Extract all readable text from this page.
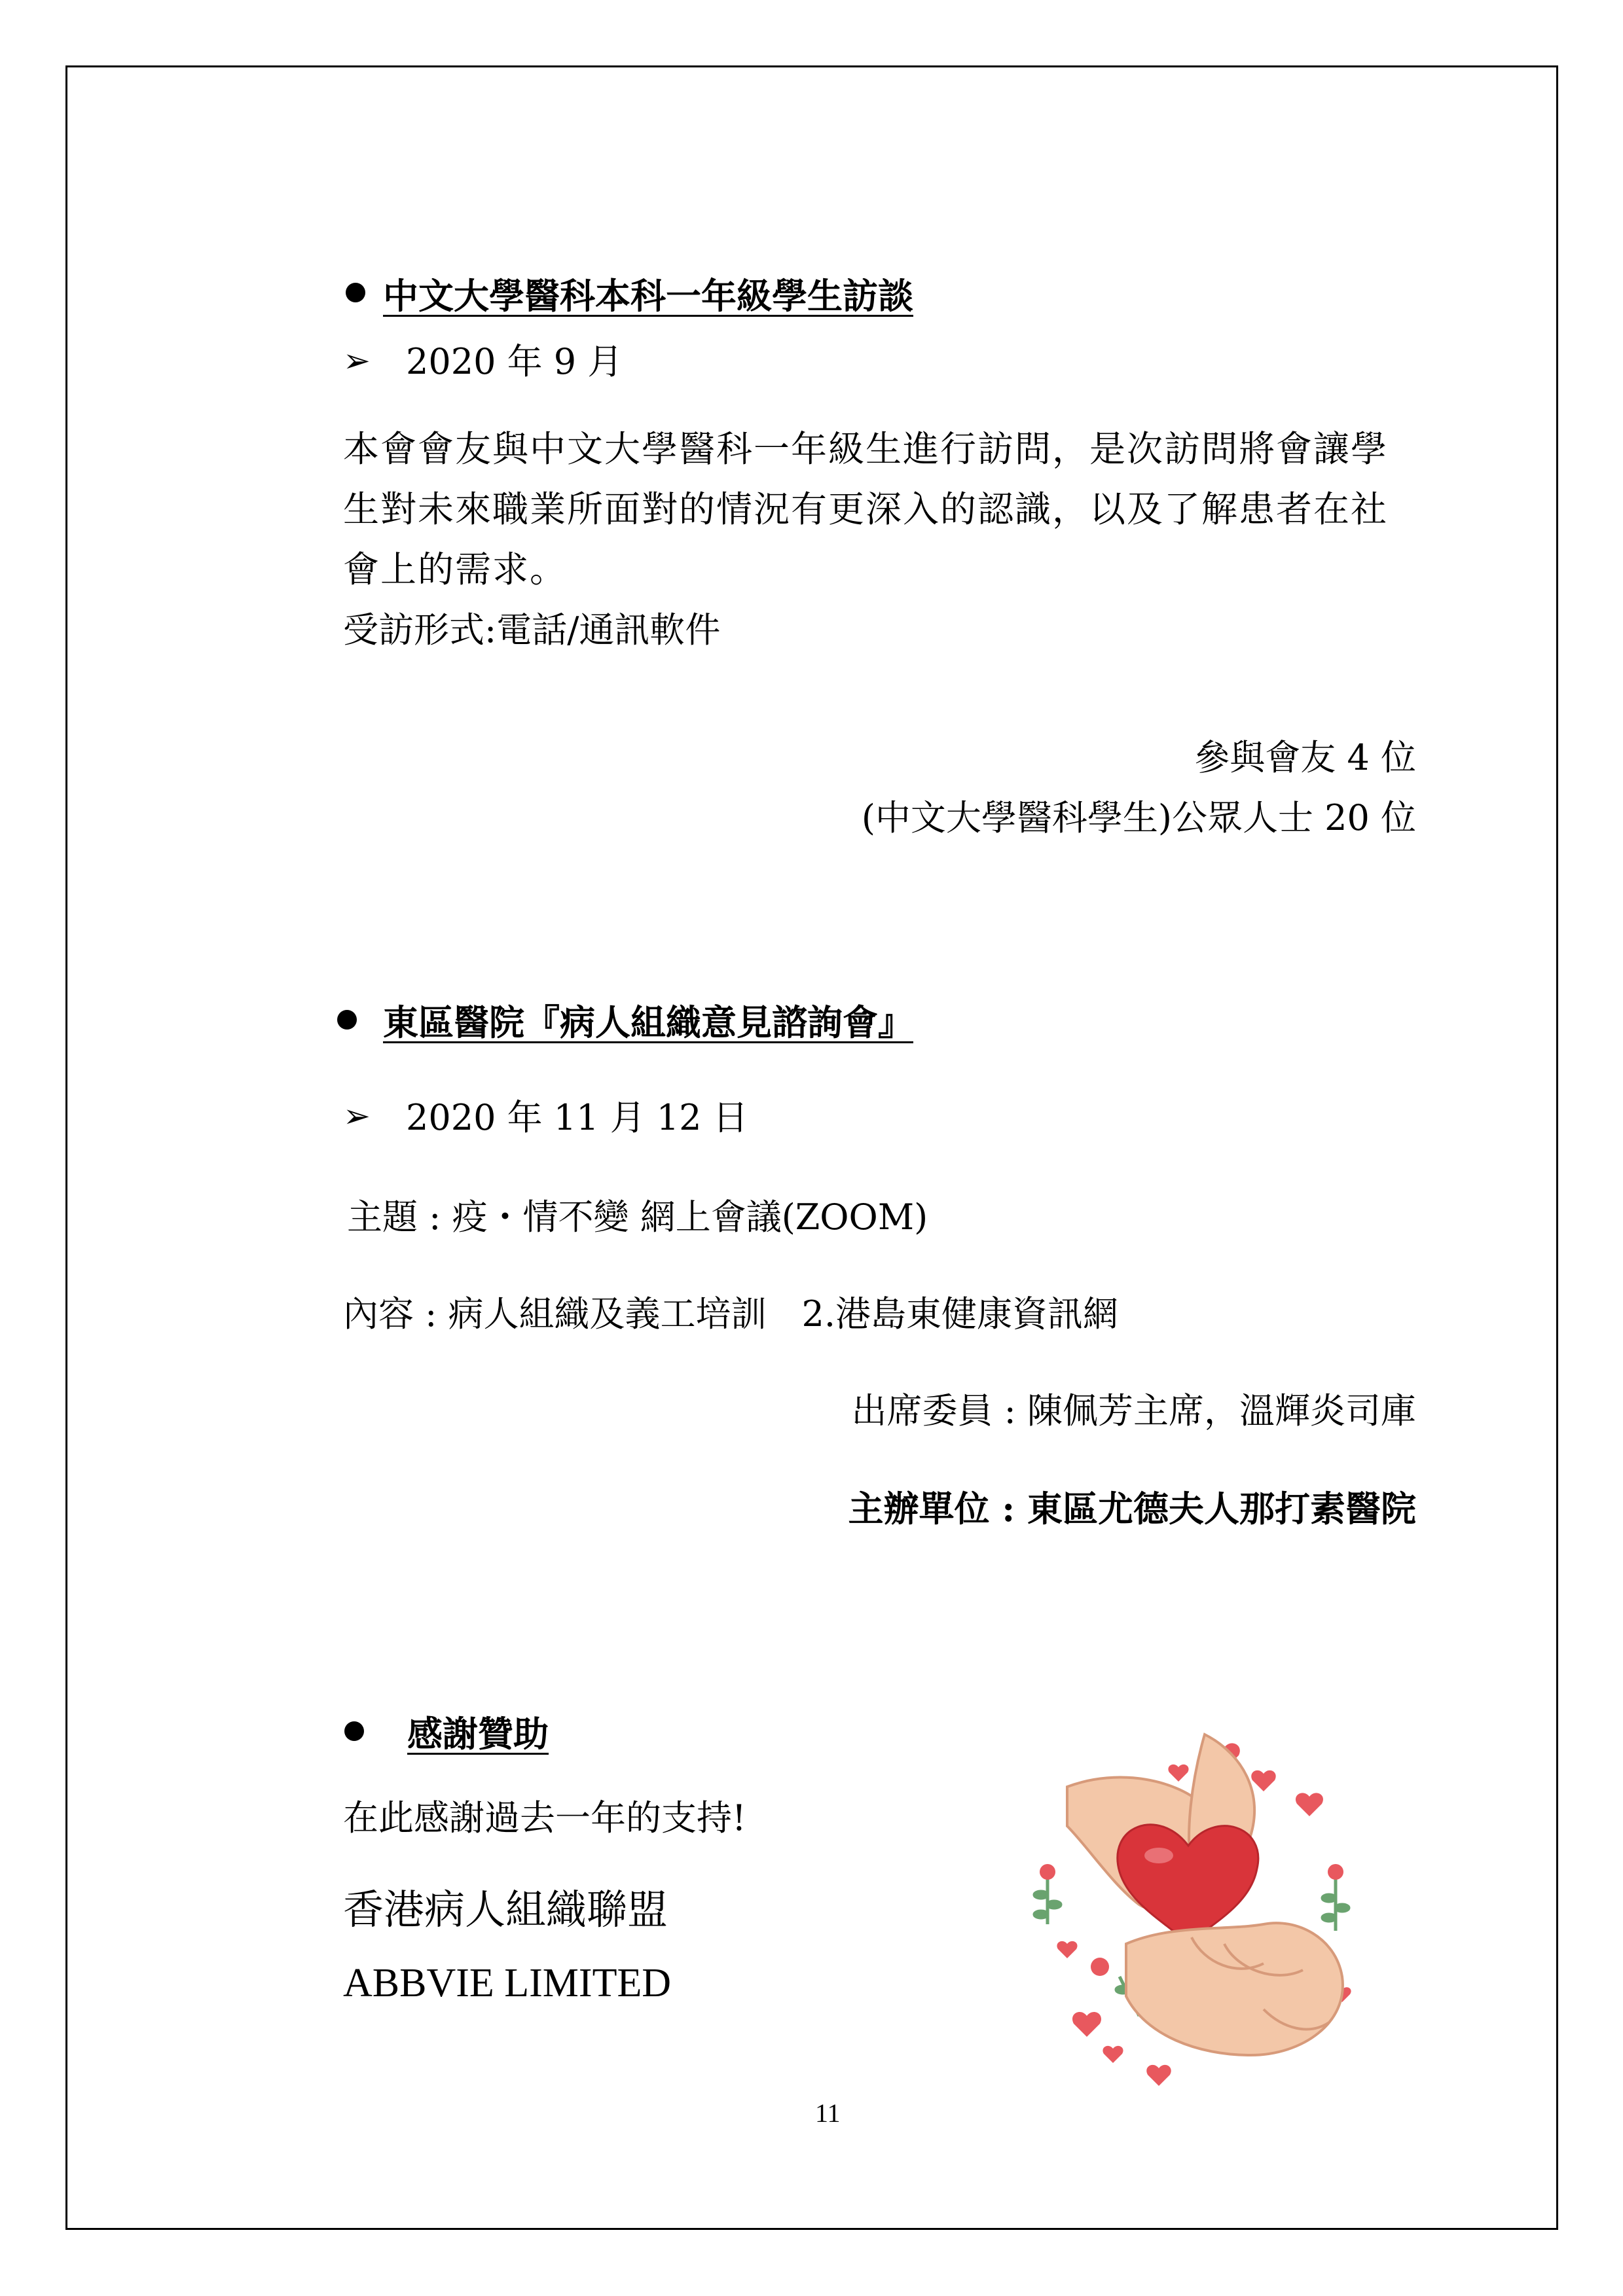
中文大學醫科本科一年級學生訪談
➢ 2020 年 9 月
本會會友與中文大學醫科一年級生進行訪問，是次訪問將會讓學生對未來職業所面對的情況有更深入的認識，以及了解患者在社會上的需求。
受訪形式:電話/通訊軟件
參與會友 4 位
(中文大學醫科學生)公眾人士 20 位
東區醫院『病人組織意見諮詢會』
➢ 2020 年 11 月 12 日
主題 : 疫・情不變 網上會議(ZOOM)
內容 : 病人組織及義工培訓　2.港島東健康資訊網
出席委員 : 陳佩芳主席，溫輝炎司庫
主辦單位 : 東區尤德夫人那打素醫院
感謝贊助
在此感謝過去一年的支持!
香港病人組織聯盟
ABBVIE LIMITED
11
